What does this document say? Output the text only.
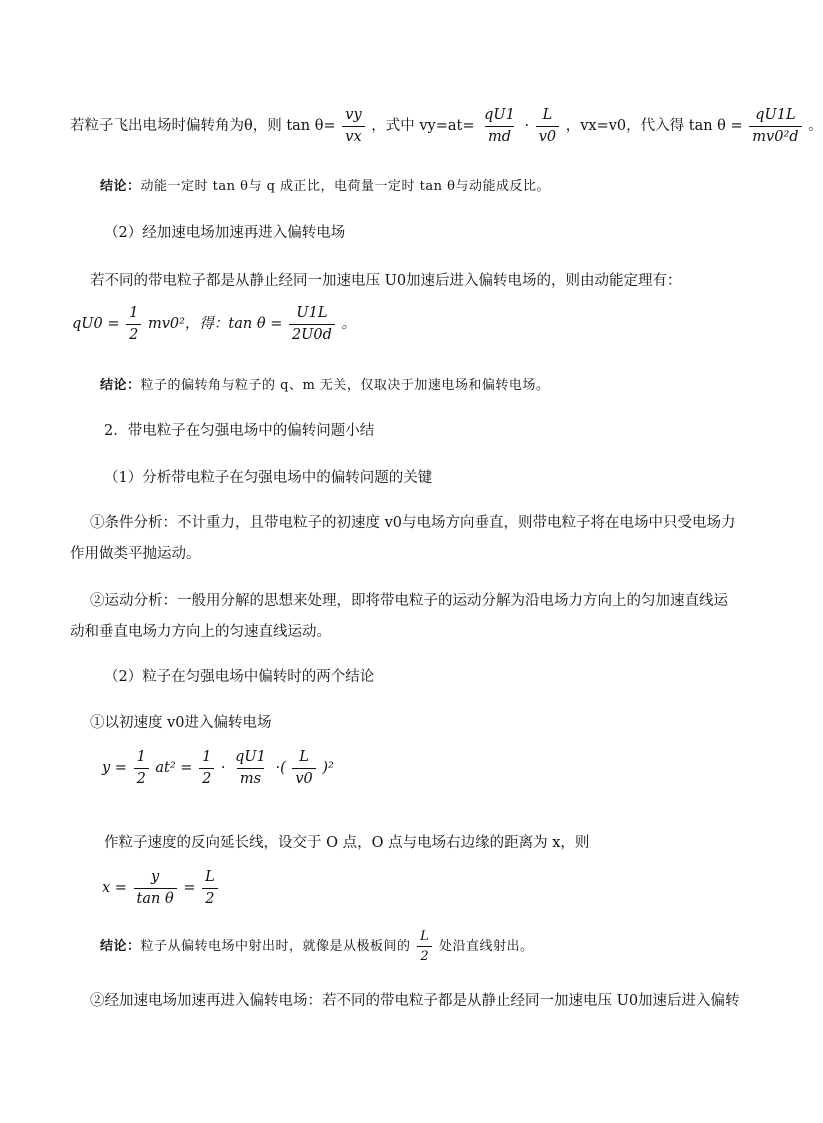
若粒子飞出电场时偏转角为θ，则 $\tan \theta= \frac{vy}{vx}$ ，式中 $vy=at= \frac{qU1}{md} \cdot \frac{L}{v0}$ ，vx=v0，代入得 $\tan \theta = \frac{qU1L}{\text{mv0²d}}$ 。
结论：动能一定时 tan θ与 q 成正比，电荷量一定时 tan θ与动能成反比。
（2）经加速电场加速再进入偏转电场
若不同的带电粒子都是从静止经同一加速电压 U0加速后进入偏转电场的，则由动能定理有：
$qU0 = \frac{1}{2} mv0^2$，得：$\tan \theta = \frac{U1L}{2U0d}$ 。
结论：粒子的偏转角与粒子的 q、m 无关，仅取决于加速电场和偏转电场。
2．带电粒子在匀强电场中的偏转问题小结
（1）分析带电粒子在匀强电场中的偏转问题的关键
①条件分析：不计重力，且带电粒子的初速度 v0与电场方向垂直，则带电粒子将在电场中只受电场力
作用做类平抛运动。
②运动分析：一般用分解的思想来处理，即将带电粒子的运动分解为沿电场力方向上的匀加速直线运
动和垂直电场力方向上的匀速直线运动。
（2）粒子在匀强电场中偏转时的两个结论
①以初速度 v0进入偏转电场
$y = \frac{1}{2} at^2 = \frac{1}{2} \cdot \frac{qU1}{ms}$ ·( $\frac{L}{v0} )^2$
作粒子速度的反向延长线，设交于 O 点，O 点与电场右边缘的距离为 x，则
$x = \frac{y}{\text{tan θ}} = \frac{L}{2}$
结论：粒子从偏转电场中射出时，就像是从极板间的 $\frac{L}{2}$ 处沿直线射出。
②经加速电场加速再进入偏转电场：若不同的带电粒子都是从静止经同一加速电压 U0加速后进入偏转
